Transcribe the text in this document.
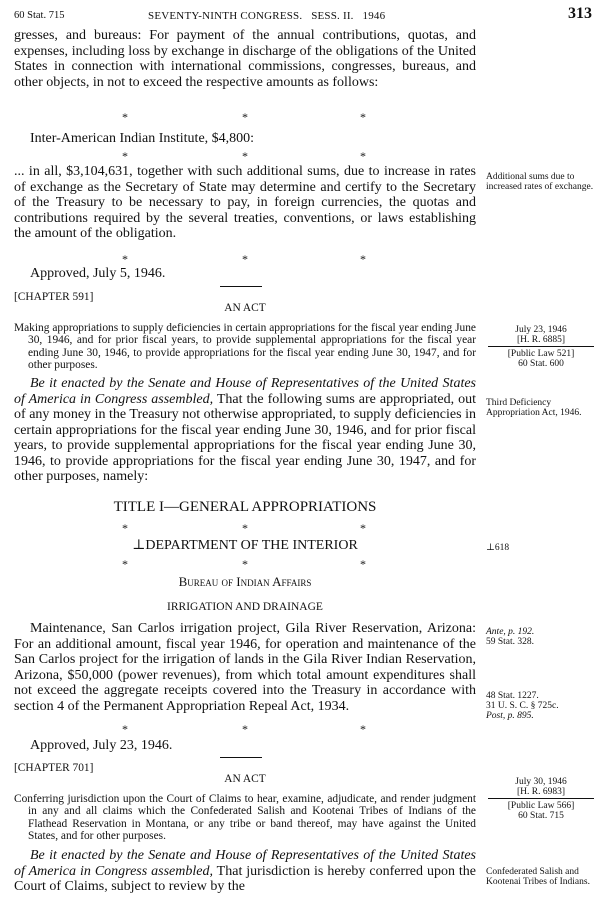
60 Stat. 715	SEVENTY-NINTH CONGRESS. SESS. II. 1946	313

gresses, and bureaus: For payment of the annual contributions, quotas, and expenses, including loss by exchange in discharge of the obligations of the United States in connection with international commissions, congresses, bureaus, and other objects, in not to exceed the respective amounts as follows:

*	*	*
Inter-American Indian Institute, $4,800:
*	*	*

... in all, $3,104,631, together with such additional sums, due to increase in rates of exchange as the Secretary of State may determine and certify to the Secretary of the Treasury to be necessary to pay, in foreign currencies, the quotas and contributions required by the several treaties, conventions, or laws establishing the amount of the obligation.

Additional sums due to increased rates of exchange.
*	*	*
Approved, July 5, 1946.
[CHAPTER 591]
AN ACT

Making appropriations to supply deficiencies in certain appropriations for the fiscal year ending June 30, 1946, and for prior fiscal years, to provide supplemental appropriations for the fiscal year ending June 30, 1946, to provide appropriations for the fiscal year ending June 30, 1947, and for other purposes.

July 23, 1946
[H. R. 6885]
[Public Law 521]
60 Stat. 600

Be it enacted by the Senate and House of Representatives of the United States of America in Congress assembled, That the following sums are appropriated, out of any money in the Treasury not otherwise appropriated, to supply deficiencies in certain appropriations for the fiscal year ending June 30, 1946, and for prior fiscal years, to provide supplemental appropriations for the fiscal year ending June 30, 1946, to provide appropriations for the fiscal year ending June 30, 1947, and for other purposes, namely:

Third Deficiency Appropriation Act, 1946.
TITLE I—GENERAL APPROPRIATIONS
*	*	*
⊥DEPARTMENT OF THE INTERIOR	⊥618
*	*	*
Bureau of Indian Affairs
IRRIGATION AND DRAINAGE

Maintenance, San Carlos irrigation project, Gila River Reservation, Arizona: For an additional amount, fiscal year 1946, for operation and maintenance of the San Carlos project for the irrigation of lands in the Gila River Indian Reservation, Arizona, $50,000 (power revenues), from which total amount expenditures shall not exceed the aggregate receipts covered into the Treasury in accordance with section 4 of the Permanent Appropriation Repeal Act, 1934.

Ante, p. 192.
59 Stat. 328.
48 Stat. 1227.
31 U. S. C. § 725c.
Post, p. 895.
*	*	*
Approved, July 23, 1946.
[CHAPTER 701]
AN ACT	July 30, 1946
[H. R. 6983]
[Public Law 566]
60 Stat. 715

Conferring jurisdiction upon the Court of Claims to hear, examine, adjudicate, and render judgment in any and all claims which the Confederated Salish and Kootenai Tribes of Indians of the Flathead Reservation in Montana, or any tribe or band thereof, may have against the United States, and for other purposes.

Be it enacted by the Senate and House of Representatives of the United States of America in Congress assembled, That jurisdiction is hereby conferred upon the Court of Claims, subject to review by the

Confederated Salish and Kootenai Tribes of Indians.
